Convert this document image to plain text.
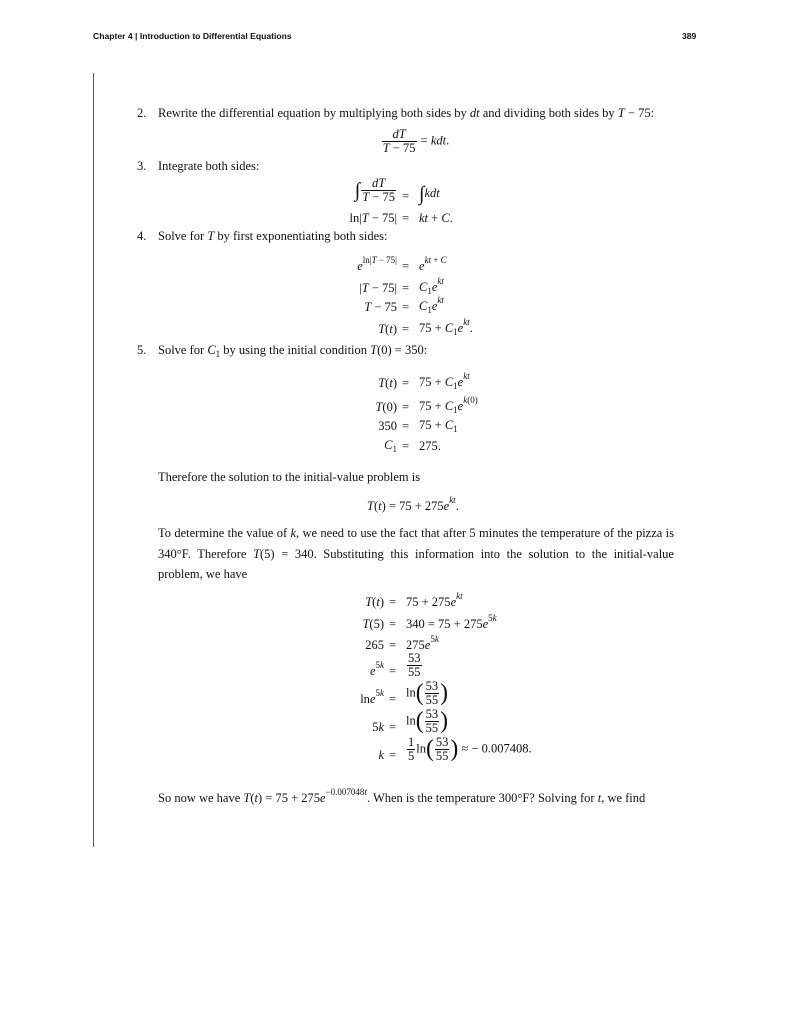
Chapter 4 | Introduction to Differential Equations	389
2. Rewrite the differential equation by multiplying both sides by dt and dividing both sides by T − 75:
$\frac{dT}{T - 75}$ = kdt.
3. Integrate both sides:
∫ $\frac{dT}{T - 75} = \int kdt$
ln|T − 75| = kt + C.
4. Solve for T by first exponentiating both sides:
$e^{ln|T - 75|} = e^{kt + C}$
$|T - 75| = C_1e^{kt}$
$T - 75 = C_1e^{kt}$
$T(t) = 75 + C_1e^{kt}$.
5. Solve for $C_1$ by using the initial condition T(0) = 350:
$T(t) = 75 + C_1e^{kt}$
$T(0) = 75 + C_1e^{k(0)}$
$350 = 75 + C_1$
$C_1 = 275$.
Therefore the solution to the initial-value problem is
$T(t) = 75 + 275e^{kt}$.
To determine the value of k, we need to use the fact that after 5 minutes the temperature of the pizza is 340°F. Therefore T(5) = 340. Substituting this information into the solution to the initial-value problem, we have
$T(t) = 75 + 275e^{kt}$
$T(5) = 340 = 75 + 275e^{5k}$
$265 = 275e^{5k}$
$e^{5k} = \frac{53}{55}$
$\ln e^{5k} = \ln( \frac{53}{55}$ )
$5k = \ln( \frac{53}{55}$ )
$k = \frac{1}{5} \ln( \frac{53}{55}$ ) ≈ − 0.007408.
So now we have $T(t) = 75 + 275e^{-0.007048t}$. When is the temperature 300°F? Solving for t, we find
